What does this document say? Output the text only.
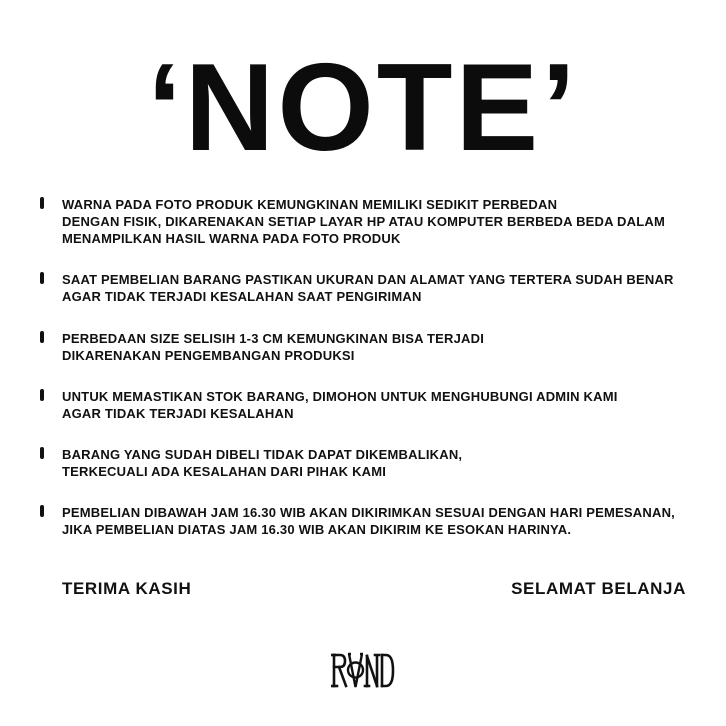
‘NOTE’
WARNA PADA FOTO PRODUK KEMUNGKINAN MEMILIKI SEDIKIT PERBEDAN
DENGAN FISIK, DIKARENAKAN SETIAP LAYAR HP ATAU KOMPUTER BERBEDA BEDA DALAM
MENAMPILKAN HASIL WARNA PADA FOTO PRODUK
SAAT PEMBELIAN BARANG PASTIKAN UKURAN DAN ALAMAT YANG TERTERA SUDAH BENAR
AGAR TIDAK TERJADI KESALAHAN SAAT PENGIRIMAN
PERBEDAAN SIZE SELISIH 1-3 CM KEMUNGKINAN BISA TERJADI
DIKARENAKAN PENGEMBANGAN PRODUKSI
UNTUK MEMASTIKAN STOK BARANG, DIMOHON UNTUK MENGHUBUNGI ADMIN KAMI
AGAR TIDAK TERJADI KESALAHAN
BARANG YANG SUDAH DIBELI TIDAK DAPAT DIKEMBALIKAN,
TERKECUALI ADA KESALAHAN DARI PIHAK KAMI
PEMBELIAN DIBAWAH JAM 16.30 WIB AKAN DIKIRIMKAN SESUAI DENGAN HARI PEMESANAN,
JIKA PEMBELIAN DIATAS JAM 16.30 WIB AKAN DIKIRIM KE ESOKAN HARINYA.
TERIMA KASIH	SELAMAT BELANJA
